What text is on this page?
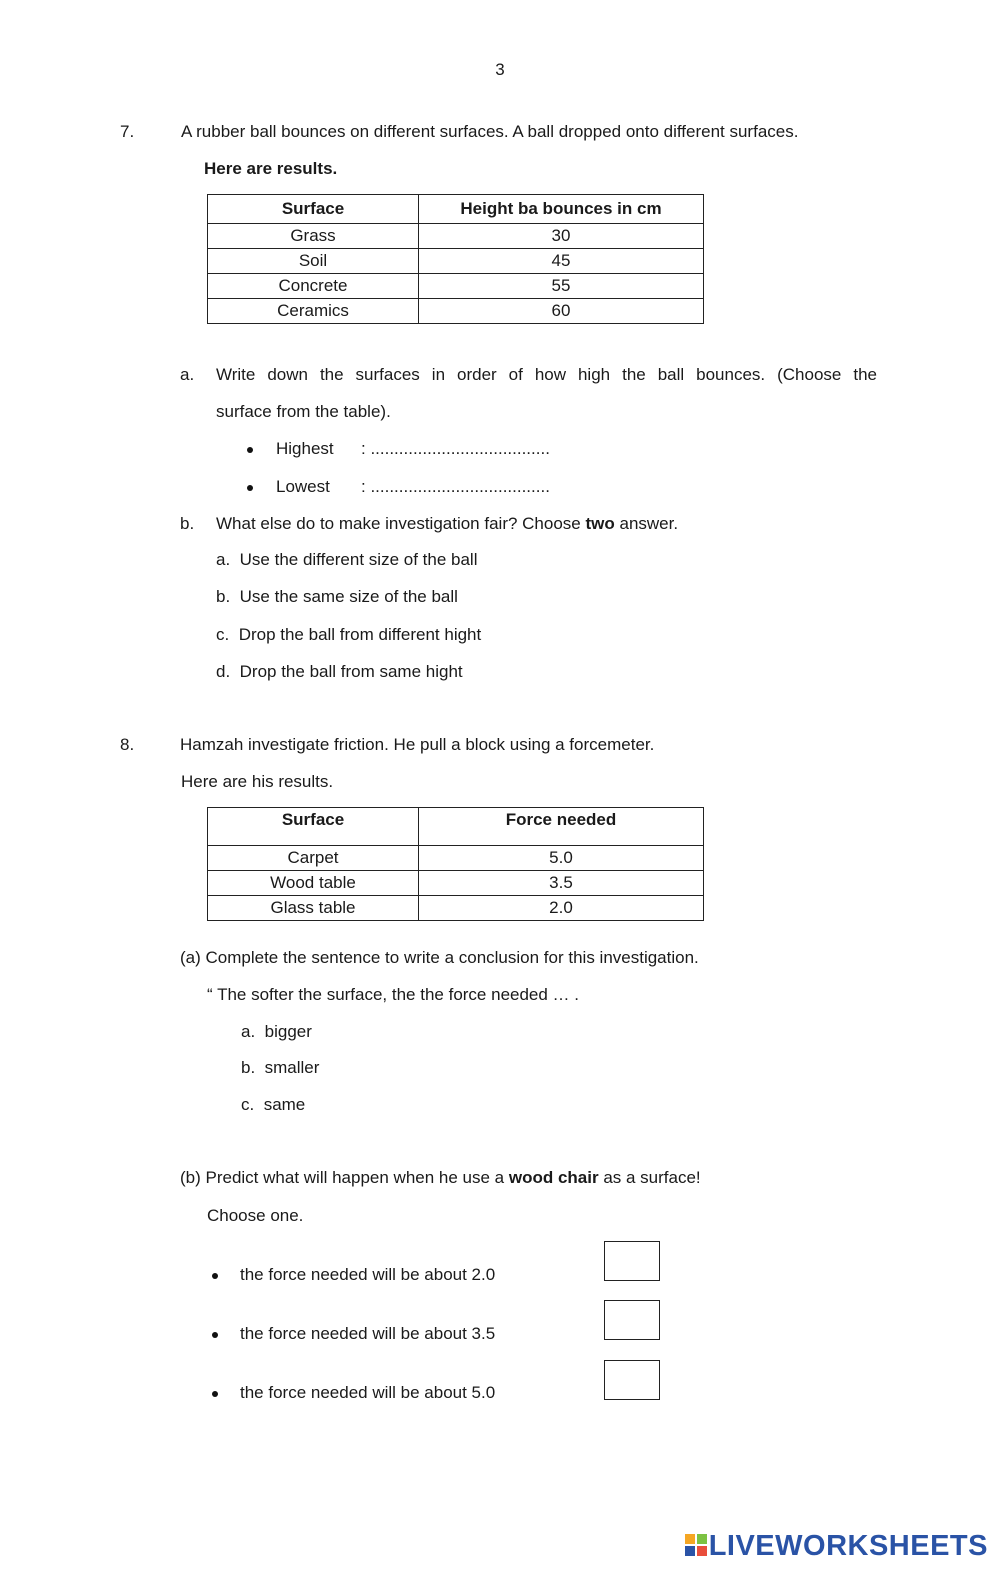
3
7.	A rubber ball bounces on different surfaces. A ball dropped onto different surfaces.
Here are results.
Surface	Height ba bounces in cm
Grass	30
Soil	45
Concrete	55
Ceramics	60
a. Write down the surfaces in order of how high the ball bounces. (Choose the
surface from the table).
Highest : ......................................
Lowest : ......................................
b. What else do to make investigation fair? Choose two answer.
a. Use the different size of the ball
b. Use the same size of the ball
c. Drop the ball from different hight
d. Drop the ball from same hight
8.	Hamzah investigate friction. He pull a block using a forcemeter.
Here are his results.
Surface	Force needed
Carpet	5.0
Wood table	3.5
Glass table	2.0
(a) Complete the sentence to write a conclusion for this investigation.
“ The softer the surface, the the force needed … .
a. bigger
b. smaller
c. same
(b) Predict what will happen when he use a wood chair as a surface!
Choose one.
the force needed will be about 2.0
the force needed will be about 3.5
the force needed will be about 5.0
LIVEWORKSHEETS
